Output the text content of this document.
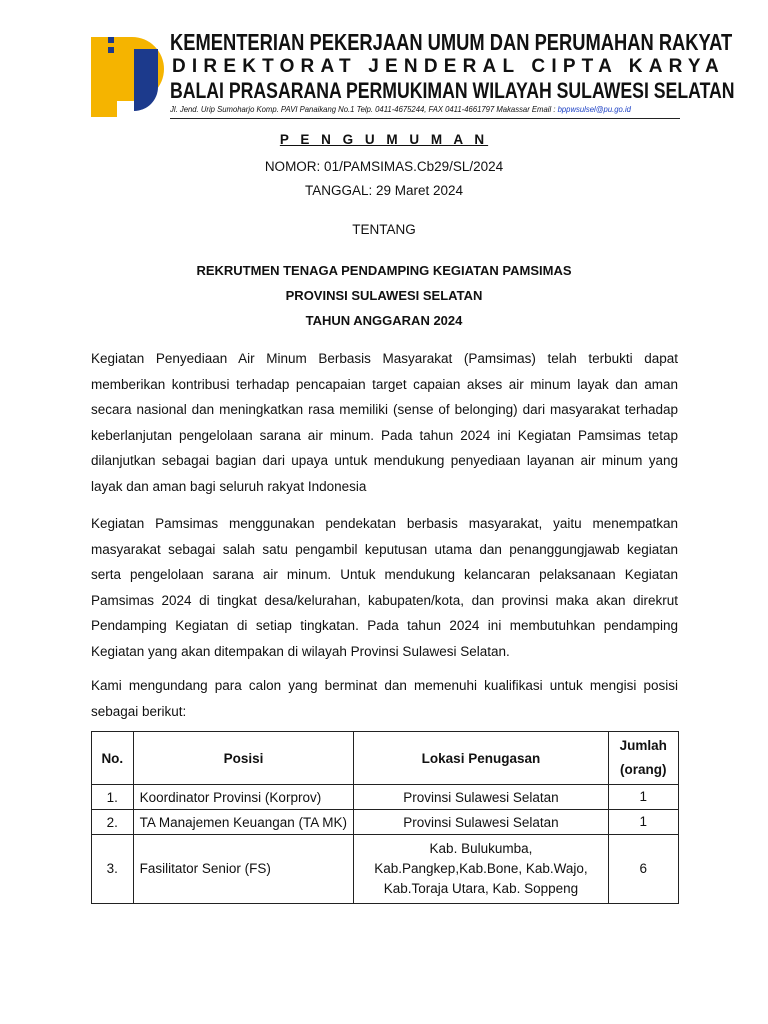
KEMENTERIAN PEKERJAAN UMUM DAN PERUMAHAN RAKYAT
DIREKTORAT JENDERAL CIPTA KARYA
BALAI PRASARANA PERMUKIMAN WILAYAH SULAWESI SELATAN
Jl. Jend. Urip Sumoharjo Komp. PAVI Panaikang No.1 Telp. 0411-4675244, FAX 0411-4661797 Makassar Email : bppwsulsel@pu.go.id
P E N G U M U M A N
NOMOR: 01/PAMSIMAS.Cb29/SL/2024
TANGGAL: 29 Maret 2024
TENTANG
REKRUTMEN TENAGA PENDAMPING KEGIATAN PAMSIMAS
PROVINSI SULAWESI SELATAN
TAHUN ANGGARAN 2024

Kegiatan Penyediaan Air Minum Berbasis Masyarakat (Pamsimas) telah terbukti dapat memberikan kontribusi terhadap pencapaian target capaian akses air minum layak dan aman secara nasional dan meningkatkan rasa memiliki (sense of belonging) dari masyarakat terhadap keberlanjutan pengelolaan sarana air minum. Pada tahun 2024 ini Kegiatan Pamsimas tetap dilanjutkan sebagai bagian dari upaya untuk mendukung penyediaan layanan air minum yang layak dan aman bagi seluruh rakyat Indonesia

Kegiatan Pamsimas menggunakan pendekatan berbasis masyarakat, yaitu menempatkan masyarakat sebagai salah satu pengambil keputusan utama dan penanggungjawab kegiatan serta pengelolaan sarana air minum. Untuk mendukung kelancaran pelaksanaan Kegiatan Pamsimas 2024 di tingkat desa/kelurahan, kabupaten/kota, dan provinsi maka akan direkrut Pendamping Kegiatan di setiap tingkatan. Pada tahun 2024 ini membutuhkan pendamping Kegiatan yang akan ditempakan di wilayah Provinsi Sulawesi Selatan.

Kami mengundang para calon yang berminat dan memenuhi kualifikasi untuk mengisi posisi sebagai berikut:

No.	Posisi	Lokasi Penugasan	Jumlah
(orang)
1.	Koordinator Provinsi (Korprov)	Provinsi Sulawesi Selatan	1
2.	TA Manajemen Keuangan (TA MK)	Provinsi Sulawesi Selatan	1
3.	Fasilitator Senior (FS)	Kab. Bulukumba,
Kab.Pangkep,Kab.Bone, Kab.Wajo,
Kab.Toraja Utara, Kab. Soppeng	6
